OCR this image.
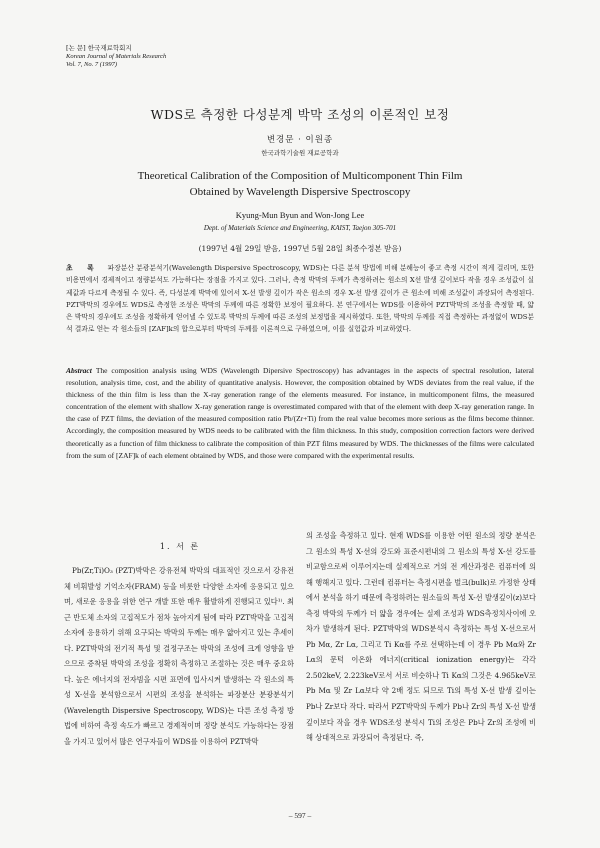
[논 문] 한국재료학회지
Korean Journal of Materials Research
Vol. 7, No. 7 (1997)
WDS로 측정한 다성분계 박막 조성의 이론적인 보정
변경문 · 이원종
한국과학기술원 재료공학과
Theoretical Calibration of the Composition of Multicomponent Thin Film
Obtained by Wavelength Dispersive Spectroscopy
Kyung-Mun Byun and Won-Jong Lee
Dept. of Materials Science and Engineering, KAIST, Taejon 305-701
(1997년 4월 29일 받음, 1997년 5월 28일 최종수정본 받음)
초 록 파장분산 분광분석기(Wavelength Dispersive Spectroscopy, WDS)는 다른 분석 방법에 비해 분해능이 좋고 측정 시간이 적게 걸리며, 또한 비용면에서 경제적이고 정량분석도 가능하다는 장점을 가지고 있다. 그러나, 측정 박막의 두께가 측정하려는 원소의 X선 발생 깊이보다 작을 경우 조성값이 실제값과 다르게 측정될 수 있다. 즉, 다성분계 박막에 있어서 X-선 발생 깊이가 작은 원소의 경우 X-선 발생 깊이가 큰 원소에 비해 조성값이 과장되어 측정된다. PZT박막의 경우에도 WDS로 측정한 조성은 박막의 두께에 따른 정확한 보정이 필요하다. 본 연구에서는 WDS를 이용하여 PZT박막의 조성을 측정할 때, 얇은 박막의 경우에도 조성을 정확하게 얻어낼 수 있도록 박막의 두께에 따른 조성의 보정법을 제시하였다. 또한, 박막의 두께를 직접 측정하는 과정없이 WDS분석 결과로 얻는 각 원소들의 [ZAF]k의 합으로부터 박막의 두께를 이론적으로 구하였으며, 이를 실험값과 비교하였다.
Abstract The composition analysis using WDS (Wavelength Dipersive Spectroscopy) has advantages in the aspects of spectral resolution, lateral resolution, analysis time, cost, and the ability of quantitative analysis. However, the composition obtained by WDS deviates from the real value, if the thickness of the thin film is less than the X-ray generation range of the elements measured. For instance, in multicomponent films, the measured concentration of the element with shallow X-ray generation range is overestimated compared with that of the element with deep X-ray generation range. In the case of PZT films, the deviation of the measured composition ratio Pb/(Zr+Ti) from the real value becomes more serious as the films become thinner. Accordingly, the composition measured by WDS needs to be calibrated with the film thickness. In this study, composition correction factors were derived theoretically as a function of film thickness to calibrate the composition of thin PZT films measured by WDS. The thicknesses of the films were calculated from the sum of [ZAF]k of each element obtained by WDS, and those were compared with the experimental results.
1. 서 론
Pb(Zr,Ti)O₃ (PZT)박막은 강유전체 박막의 대표적인 것으로서 강유전체 비휘발성 기억소자(FRAM) 등을 비롯한 다양한 소자에 응용되고 있으며, 새로운 응용을 위한 연구 개발 또한 매우 활발하게 진행되고 있다¹⁾. 최근 반도체 소자의 고집적도가 점차 높아지게 됨에 따라 PZT박막을 고집적소자에 응용하기 위해 요구되는 박막의 두께는 매우 얇아지고 있는 추세이다. PZT박막의 전기적 특성 및 결정구조는 박막의 조성에 크게 영향을 받으므로 증착된 박막의 조성을 정확히 측정하고 조절하는 것은 매우 중요하다. 높은 에너지의 전자빔을 시편 표면에 입사시켜 발생하는 각 원소의 특성 X-선을 분석함으로서 시편의 조성을 분석하는 파장분산 분광분석기(Wavelength Dispersive Spectroscopy, WDS)는 다른 조성 측정 방법에 비하여 측정 속도가 빠르고 경제적이며 정량 분석도 가능하다는 장점을 가지고 있어서 많은 연구자들이 WDS를 이용하여 PZT박막
의 조성을 측정하고 있다. 현재 WDS를 이용한 어떤 원소의 정량 분석은 그 원소의 특성 X-선의 강도와 표준시편내의 그 원소의 특성 X-선 강도를 비교함으로써 이루어지는데 실제적으로 거의 전 계산과정은 컴퓨터에 의해 행해지고 있다. 그런데 컴퓨터는 측정시편을 벌크(bulk)로 가정한 상태에서 분석을 하기 때문에 측정하려는 원소들의 특성 X-선 발생깊이(z)보다 측정 박막의 두께가 더 얇을 경우에는 실제 조성과 WDS측정치사이에 오차가 발생하게 된다. PZT박막의 WDS분석시 측정하는 특성 X-선으로서 Pb Mα, Zr Lα, 그리고 Ti Kα를 주로 선택하는데 이 경우 Pb Mα와 Zr Lα의 문턱 이온화 에너지(critical ionization energy)는 각각 2.502keV, 2.223keV로서 서로 비슷하나 Ti Kα의 그것은 4.965keV로 Pb Mα 및 Zr Lα보다 약 2배 정도 되므로 Ti의 특성 X-선 발생 깊이는 Pb나 Zr보다 작다. 따라서 PZT박막의 두께가 Pb나 Zr의 특성 X-선 발생깊이보다 작을 경우 WDS조성 분석시 Ti의 조성은 Pb나 Zr의 조성에 비해 상대적으로 과장되어 측정된다. 즉,
– 597 –
